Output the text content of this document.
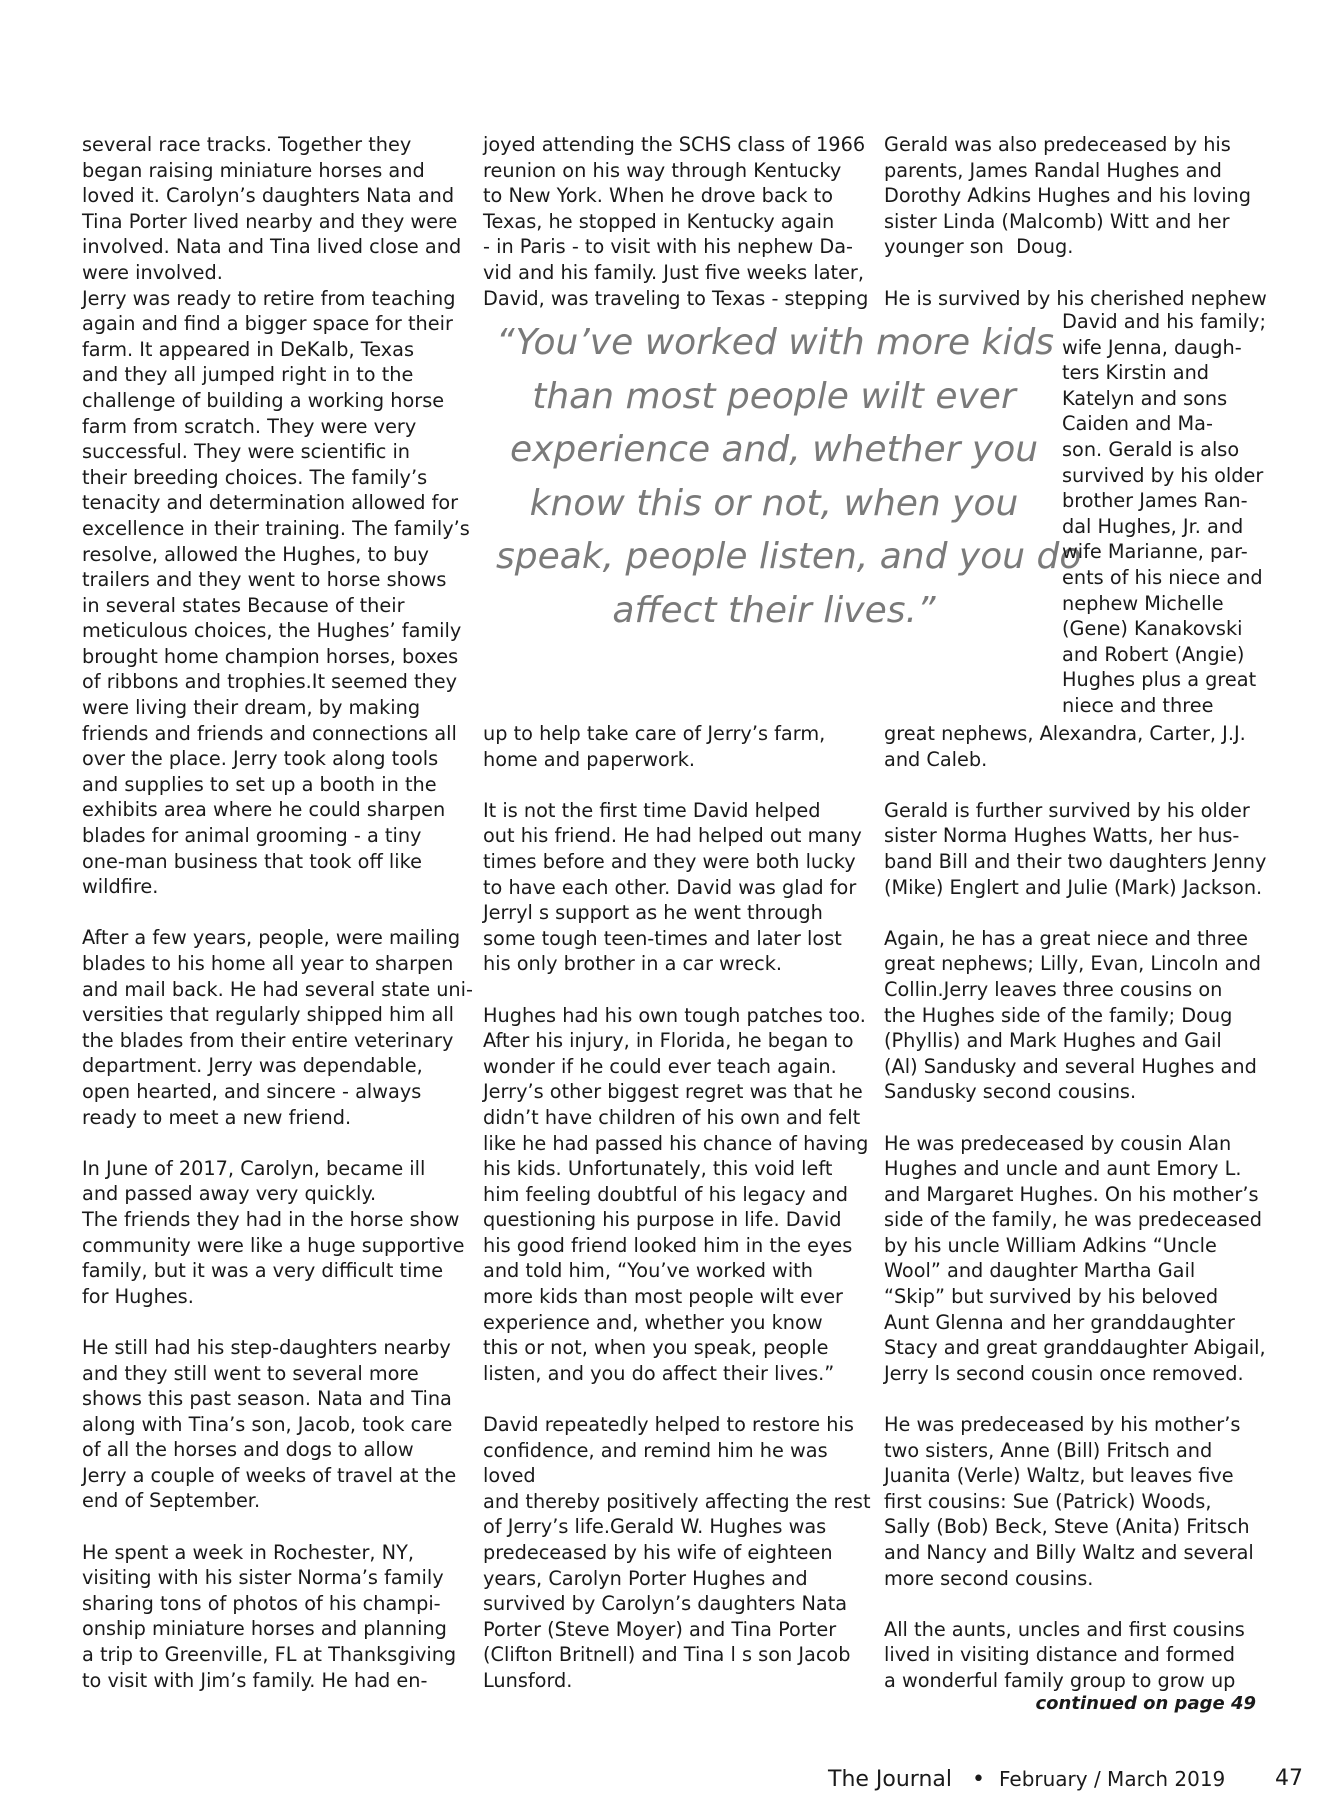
several race tracks. Together they
began raising miniature horses and
loved it. Carolyn’s daughters Nata and
Tina Porter lived nearby and they were
involved. Nata and Tina lived close and
were involved.
Jerry was ready to retire from teaching
again and find a bigger space for their
farm. It appeared in DeKalb, Texas
and they all jumped right in to the
challenge of building a working horse
farm from scratch. They were very
successful. They were scientific in
their breeding choices. The family’s
tenacity and determination allowed for
excellence in their training. The family’s
resolve, allowed the Hughes, to buy
trailers and they went to horse shows
in several states Because of their
meticulous choices, the Hughes’ family
brought home champion horses, boxes
of ribbons and trophies.It seemed they
were living their dream, by making
friends and friends and connections all
over the place. Jerry took along tools
and supplies to set up a booth in the
exhibits area where he could sharpen
blades for animal grooming - a tiny
one-man business that took off like
wildfire.
After a few years, people, were mailing
blades to his home all year to sharpen
and mail back. He had several state uni-
versities that regularly shipped him all
the blades from their entire veterinary
department. Jerry was dependable,
open hearted, and sincere - always
ready to meet a new friend.
In June of 2017, Carolyn, became ill
and passed away very quickly.
The friends they had in the horse show
community were like a huge supportive
family, but it was a very difficult time
for Hughes.
He still had his step-daughters nearby
and they still went to several more
shows this past season. Nata and Tina
along with Tina’s son, Jacob, took care
of all the horses and dogs to allow
Jerry a couple of weeks of travel at the
end of September.
He spent a week in Rochester, NY,
visiting with his sister Norma’s family
sharing tons of photos of his champi-
onship miniature horses and planning
a trip to Greenville, FL at Thanksgiving
to visit with Jim’s family. He had en-
joyed attending the SCHS class of 1966
reunion on his way through Kentucky
to New York. When he drove back to
Texas, he stopped in Kentucky again
- in Paris - to visit with his nephew Da-
vid and his family. Just five weeks later,
David, was traveling to Texas - stepping
“You’ve worked with more kids
than most people wilt ever
experience and, whether you
know this or not, when you
speak, people listen, and you do
affect their lives.”
up to help take care of Jerry’s farm,
home and paperwork.
It is not the first time David helped
out his friend. He had helped out many
times before and they were both lucky
to have each other. David was glad for
Jerryl s support as he went through
some tough teen-times and later lost
his only brother in a car wreck.
Hughes had his own tough patches too.
After his injury, in Florida, he began to
wonder if he could ever teach again.
Jerry’s other biggest regret was that he
didn’t have children of his own and felt
like he had passed his chance of having
his kids. Unfortunately, this void left
him feeling doubtful of his legacy and
questioning his purpose in life. David
his good friend looked him in the eyes
and told him, “You’ve worked with
more kids than most people wilt ever
experience and, whether you know
this or not, when you speak, people
listen, and you do affect their lives.”
David repeatedly helped to restore his
confidence, and remind him he was
loved
and thereby positively affecting the rest
of Jerry’s life.Gerald W. Hughes was
predeceased by his wife of eighteen
years, Carolyn Porter Hughes and
survived by Carolyn’s daughters Nata
Porter (Steve Moyer) and Tina Porter
(Clifton Britnell) and Tina l s son Jacob
Lunsford.
Gerald was also predeceased by his
parents, James Randal Hughes and
Dorothy Adkins Hughes and his loving
sister Linda (Malcomb) Witt and her
younger son  Doug.
He is survived by his cherished nephew
David and his family;
wife Jenna, daugh-
ters Kirstin and
Katelyn and sons
Caiden and Ma-
son. Gerald is also
survived by his older
brother James Ran-
dal Hughes, Jr. and
wife Marianne, par-
ents of his niece and
nephew Michelle
(Gene) Kanakovski
and Robert (Angie)
Hughes plus a great
niece and three
great nephews, Alexandra, Carter, J.J.
and Caleb.
Gerald is further survived by his older
sister Norma Hughes Watts, her hus-
band Bill and their two daughters Jenny
(Mike) Englert and Julie (Mark) Jackson.
Again, he has a great niece and three
great nephews; Lilly, Evan, Lincoln and
Collin.Jerry leaves three cousins on
the Hughes side of the family; Doug
(Phyllis) and Mark Hughes and Gail
(Al) Sandusky and several Hughes and
Sandusky second cousins.
He was predeceased by cousin Alan
Hughes and uncle and aunt Emory L.
and Margaret Hughes. On his mother’s
side of the family, he was predeceased
by his uncle William Adkins “Uncle
Wool” and daughter Martha Gail
“Skip” but survived by his beloved
Aunt Glenna and her granddaughter
Stacy and great granddaughter Abigail,
Jerry ls second cousin once removed.
He was predeceased by his mother’s
two sisters, Anne (Bill) Fritsch and
Juanita (Verle) Waltz, but leaves five
first cousins: Sue (Patrick) Woods,
Sally (Bob) Beck, Steve (Anita) Fritsch
and Nancy and Billy Waltz and several
more second cousins.
All the aunts, uncles and first cousins
lived in visiting distance and formed
a wonderful family group to grow up
continued on page 49
The Journal • February / March 2019 47
